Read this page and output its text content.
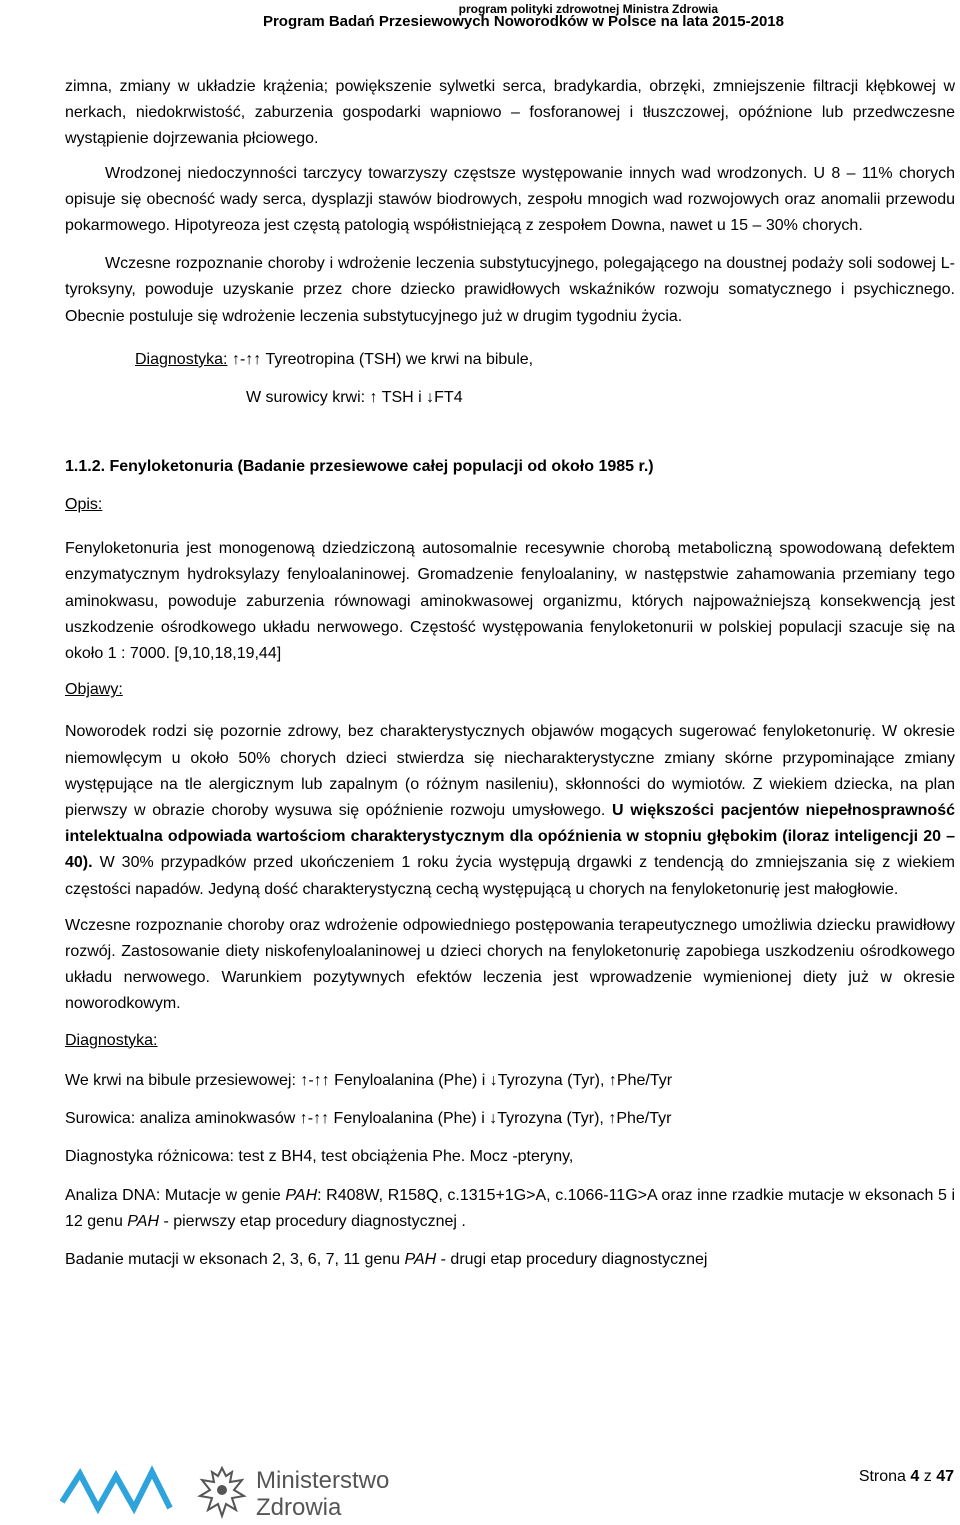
program polityki zdrowotnej Ministra Zdrowia
Program Badań Przesiewowych Noworodków w Polsce na lata 2015-2018

zimna, zmiany w układzie krążenia; powiększenie sylwetki serca, bradykardia, obrzęki, zmniejszenie filtracji kłębkowej w nerkach, niedokrwistość, zaburzenia gospodarki wapniowo – fosforanowej i tłuszczowej, opóźnione lub przedwczesne wystąpienie dojrzewania płciowego.

Wrodzonej niedoczynności tarczycy towarzyszy częstsze występowanie innych wad wrodzonych. U 8 – 11% chorych opisuje się obecność wady serca, dysplazji stawów biodrowych, zespołu mnogich wad rozwojowych oraz anomalii przewodu pokarmowego. Hipotyreoza jest częstą patologią współistniejącą z zespołem Downa, nawet u 15 – 30% chorych.

Wczesne rozpoznanie choroby i wdrożenie leczenia substytucyjnego, polegającego na doustnej podaży soli sodowej L-tyroksyny, powoduje uzyskanie przez chore dziecko prawidłowych wskaźników rozwoju somatycznego i psychicznego. Obecnie postuluje się wdrożenie leczenia substytucyjnego już w drugim tygodniu życia.

Diagnostyka: ↑-↑↑ Tyreotropina (TSH) we krwi na bibule,
W surowicy krwi: ↑ TSH i ↓FT4
1.1.2. Fenyloketonuria (Badanie przesiewowe całej populacji od około 1985 r.)
Opis:

Fenyloketonuria jest monogenową dziedziczoną autosomalnie recesywnie chorobą metaboliczną spowodowaną defektem enzymatycznym hydroksylazy fenyloalaninowej. Gromadzenie fenyloalaniny, w następstwie zahamowania przemiany tego aminokwasu, powoduje zaburzenia równowagi aminokwasowej organizmu, których najpoważniejszą konsekwencją jest uszkodzenie ośrodkowego układu nerwowego. Częstość występowania fenyloketonurii w polskiej populacji szacuje się na około 1 : 7000. [9,10,18,19,44]

Objawy:

Noworodek rodzi się pozornie zdrowy, bez charakterystycznych objawów mogących sugerować fenyloketonurię. W okresie niemowlęcym u około 50% chorych dzieci stwierdza się niecharakterystyczne zmiany skórne przypominające zmiany występujące na tle alergicznym lub zapalnym (o różnym nasileniu), skłonności do wymiotów. Z wiekiem dziecka, na plan pierwszy w obrazie choroby wysuwa się opóźnienie rozwoju umysłowego. U większości pacjentów niepełnosprawność intelektualna odpowiada wartościom charakterystycznym dla opóźnienia w stopniu głębokim (iloraz inteligencji 20 – 40). W 30% przypadków przed ukończeniem 1 roku życia występują drgawki z tendencją do zmniejszania się z wiekiem częstości napadów. Jedyną dość charakterystyczną cechą występującą u chorych na fenyloketonurię jest małogłowie.

Wczesne rozpoznanie choroby oraz wdrożenie odpowiedniego postępowania terapeutycznego umożliwia dziecku prawidłowy rozwój. Zastosowanie diety niskofenyloalaninowej u dzieci chorych na fenyloketonurię zapobiega uszkodzeniu ośrodkowego układu nerwowego. Warunkiem pozytywnych efektów leczenia jest wprowadzenie wymienionej diety już w okresie noworodkowym.

Diagnostyka:

We krwi na bibule przesiewowej: ↑-↑↑ Fenyloalanina (Phe) i ↓Tyrozyna (Tyr), ↑Phe/Tyr

Surowica: analiza aminokwasów ↑-↑↑ Fenyloalanina (Phe) i ↓Tyrozyna (Tyr), ↑Phe/Tyr

Diagnostyka różnicowa: test z BH4, test obciążenia Phe. Mocz -pteryny,

Analiza DNA: Mutacje w genie PAH: R408W, R158Q, c.1315+1G>A, c.1066-11G>A oraz inne rzadkie mutacje w eksonach 5 i 12 genu PAH - pierwszy etap procedury diagnostycznej .

Badanie mutacji w eksonach 2, 3, 6, 7, 11 genu PAH - drugi etap procedury diagnostycznej

Ministerstwo
Zdrowia
Strona 4 z 47
